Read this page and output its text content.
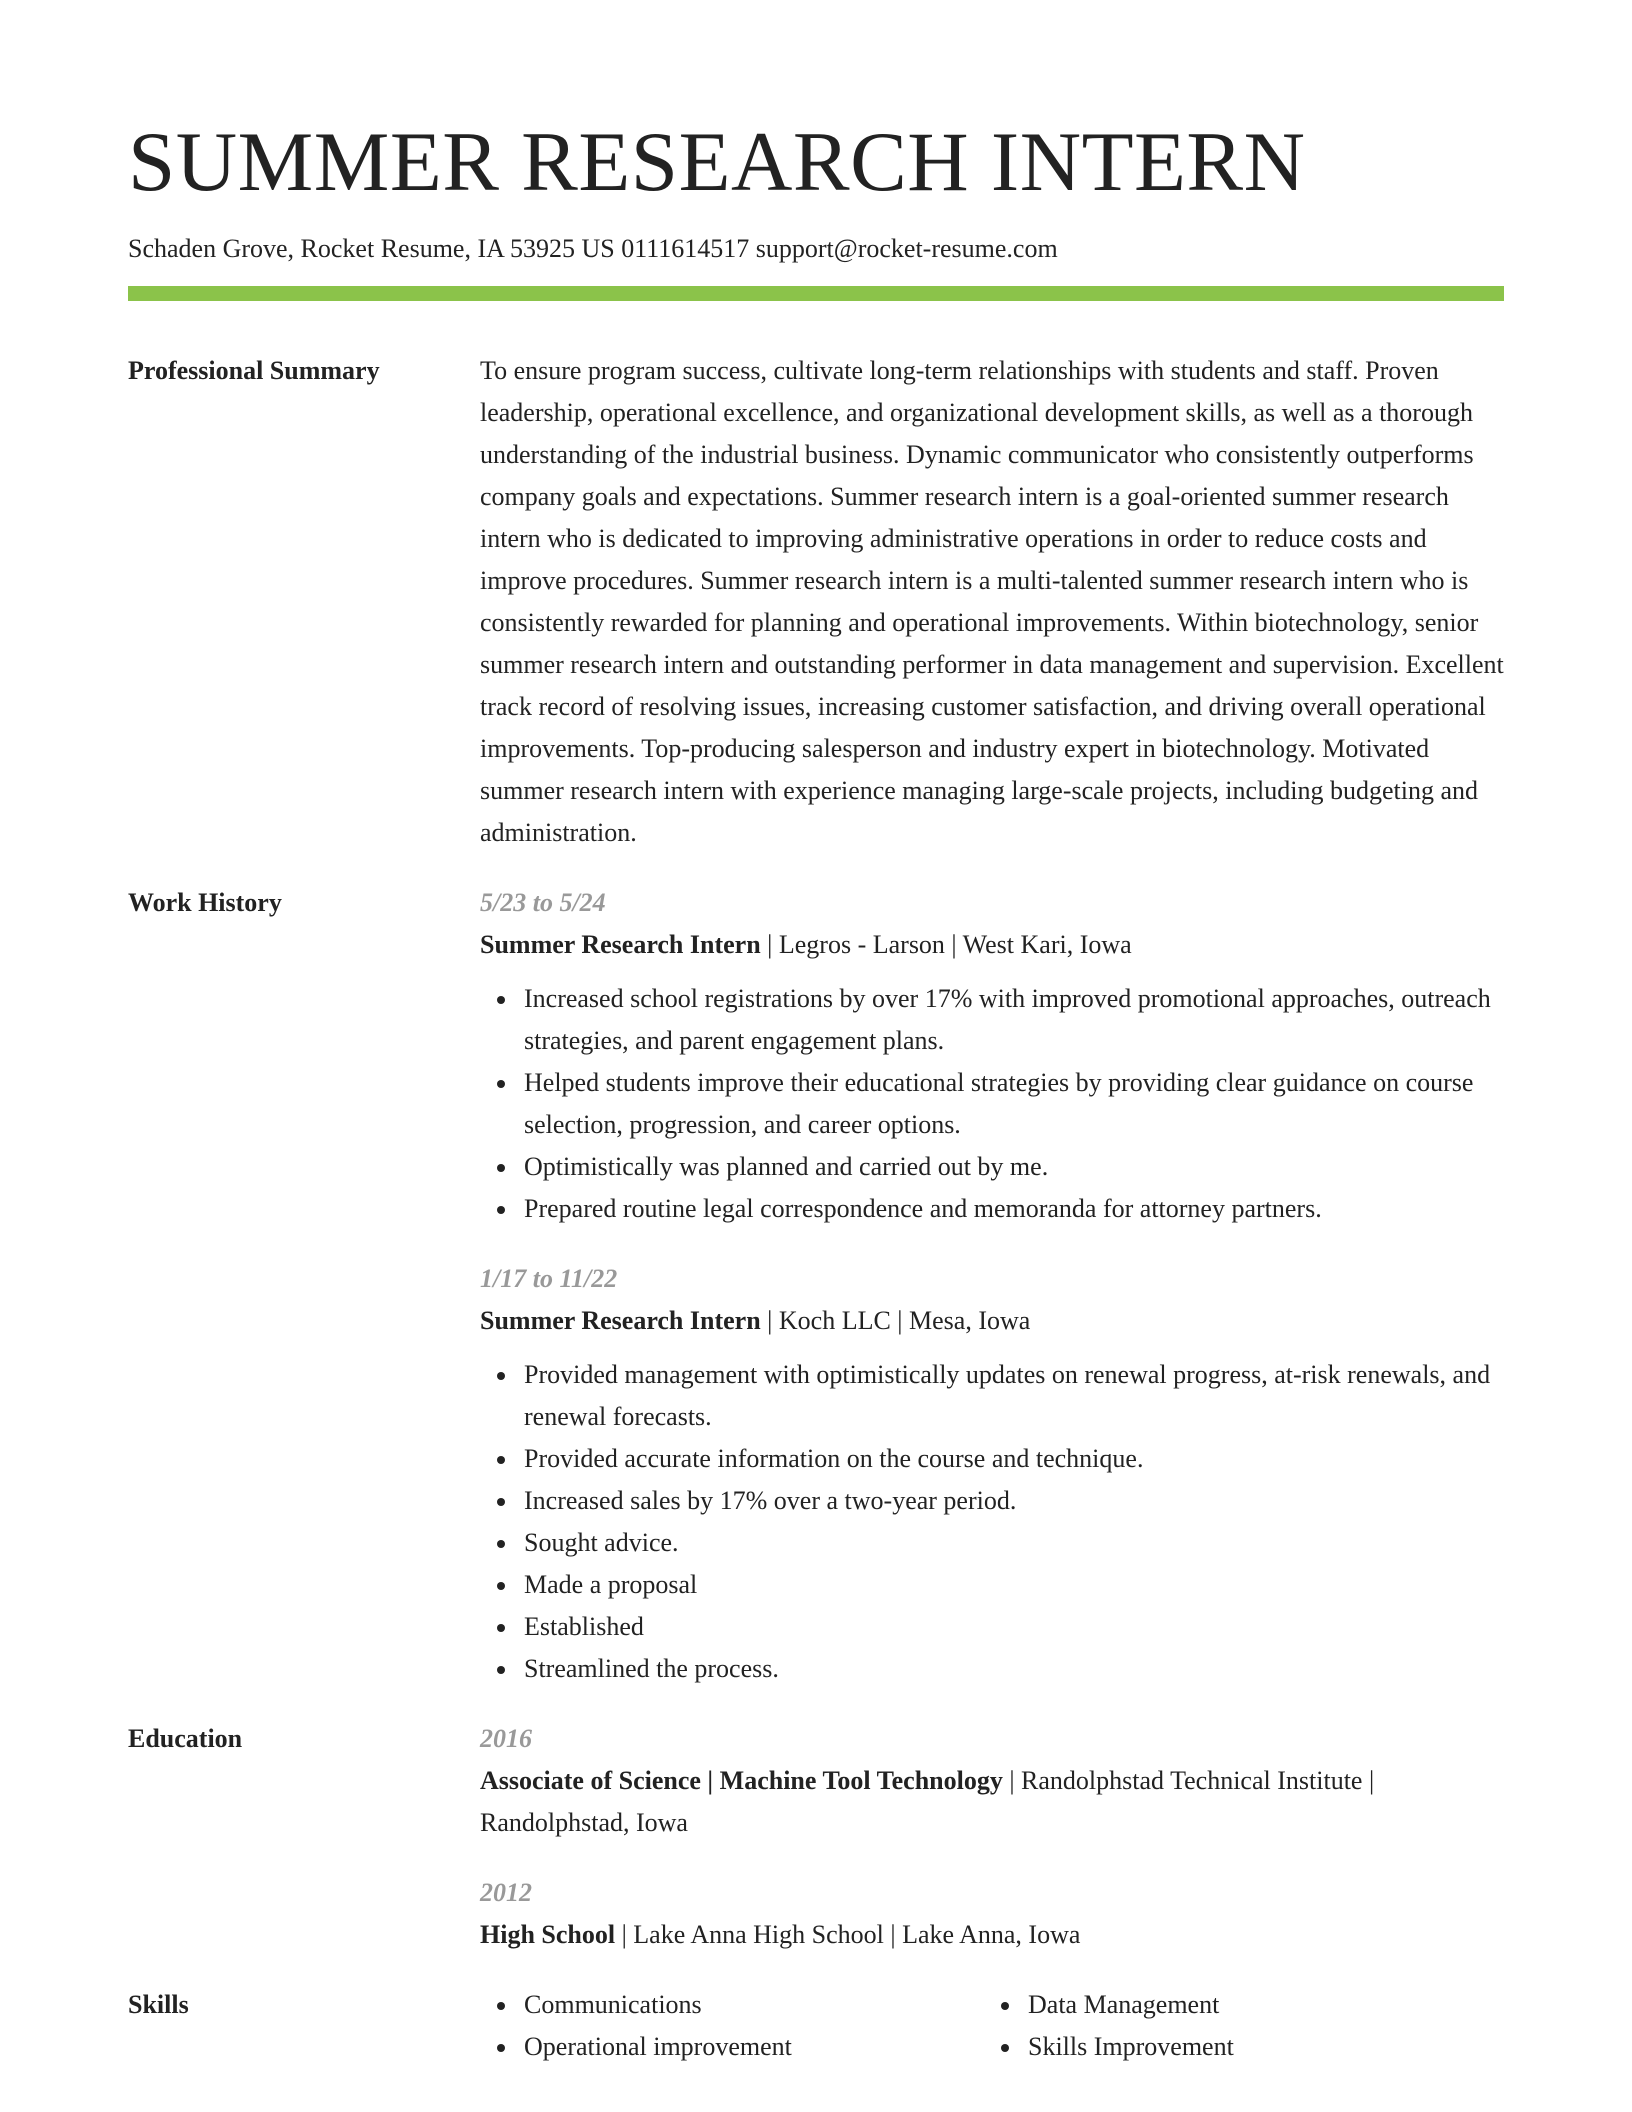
SUMMER RESEARCH INTERN
Schaden Grove, Rocket Resume, IA 53925 US 0111614517 support@rocket-resume.com
Professional Summary	To ensure program success, cultivate long-term relationships with students and staff. Proven leadership, operational excellence, and organizational development skills, as well as a thorough understanding of the industrial business. Dynamic communicator who consistently outperforms company goals and expectations. Summer research intern is a goal-oriented summer research intern who is dedicated to improving administrative operations in order to reduce costs and improve procedures. Summer research intern is a multi-talented summer research intern who is consistently rewarded for planning and operational improvements. Within biotechnology, senior summer research intern and outstanding performer in data management and supervision. Excellent track record of resolving issues, increasing customer satisfaction, and driving overall operational improvements. Top-producing salesperson and industry expert in biotechnology. Motivated summer research intern with experience managing large-scale projects, including budgeting and administration.

Work History	5/23 to 5/24
Summer Research Intern | Legros - Larson | West Kari, Iowa
Increased school registrations by over 17% with improved promotional approaches, outreach strategies, and parent engagement plans.
Helped students improve their educational strategies by providing clear guidance on course selection, progression, and career options.
Optimistically was planned and carried out by me.
Prepared routine legal correspondence and memoranda for attorney partners.
1/17 to 11/22
Summer Research Intern | Koch LLC | Mesa, Iowa
Provided management with optimistically updates on renewal progress, at-risk renewals, and renewal forecasts.
Provided accurate information on the course and technique.
Increased sales by 17% over a two-year period.
Sought advice.
Made a proposal
Established
Streamlined the process.
Education	2016
Associate of Science | Machine Tool Technology | Randolphstad Technical Institute | Randolphstad, Iowa
2012
High School | Lake Anna High School | Lake Anna, Iowa
Skills	Communications
Operational improvement
Data Management
Skills Improvement
